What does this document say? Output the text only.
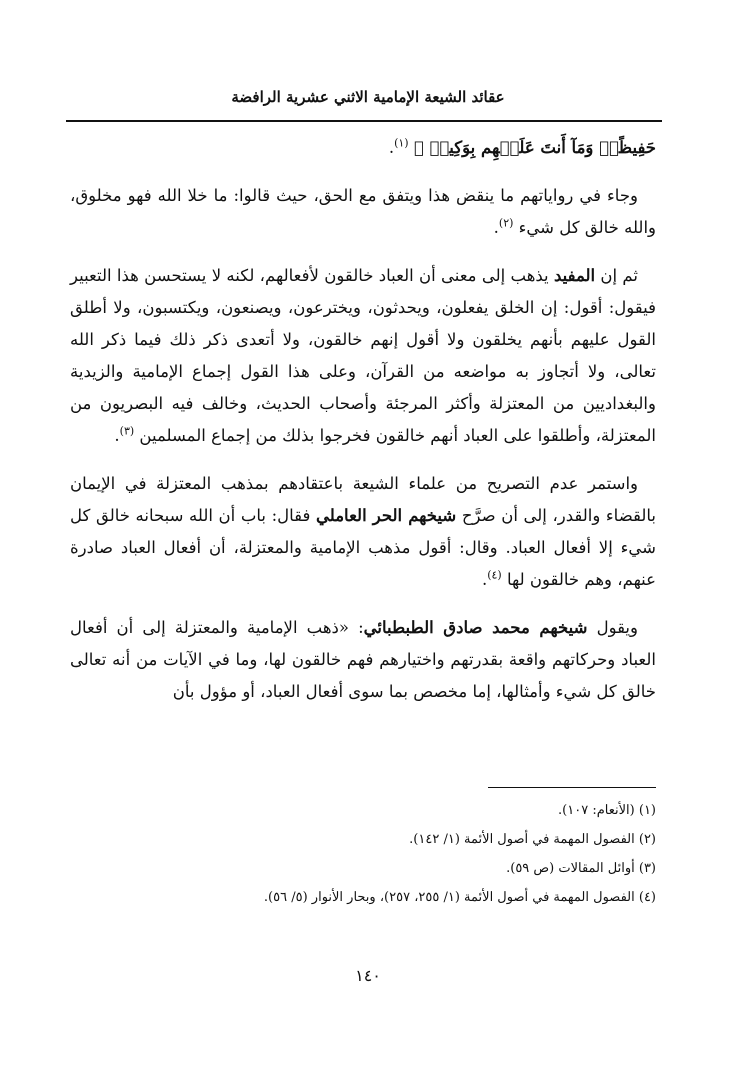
عقائد الشيعة الإمامية الاثني عشرية الرافضة

حَفِيظًاۖ وَمَآ أَنتَ عَلَيۡهِم بِوَكِيلٖ ﴾ $^{(١)}$.

وجاء في رواياتهم ما ينقض هذا ويتفق مع الحق، حيث قالوا: ما خلا الله فهو مخلوق، والله خالق كل شيء $^{(٢)}$.

ثم إن المفيد يذهب إلى معنى أن العباد خالقون لأفعالهم، لكنه لا يستحسن هذا التعبير فيقول: أقول: إن الخلق يفعلون، ويحدثون، ويخترعون، ويصنعون، ويكتسبون، ولا أطلق القول عليهم بأنهم يخلقون ولا أقول إنهم خالقون، ولا أتعدى ذكر ذلك فيما ذكر الله تعالى، ولا أتجاوز به مواضعه من القرآن، وعلى هذا القول إجماع الإمامية والزيدية والبغداديين من المعتزلة وأكثر المرجئة وأصحاب الحديث، وخالف فيه البصريون من المعتزلة، وأطلقوا على العباد أنهم خالقون فخرجوا بذلك من إجماع المسلمين $^{(٣)}$.

واستمر عدم التصريح من علماء الشيعة باعتقادهم بمذهب المعتزلة في الإيمان بالقضاء والقدر، إلى أن صرَّح شيخهم الحر العاملي فقال: باب أن الله سبحانه خالق كل شيء إلا أفعال العباد. وقال: أقول مذهب الإمامية والمعتزلة، أن أفعال العباد صادرة عنهم، وهم خالقون لها $^{(٤)}$.

ويقول شيخهم محمد صادق الطبطبائي: «ذهب الإمامية والمعتزلة إلى أن أفعال العباد وحركاتهم واقعة بقدرتهم واختيارهم فهم خالقون لها، وما في الآيات من أنه تعالى خالق كل شيء وأمثالها، إما مخصص بما سوى أفعال العباد، أو مؤول بأن

(١) (الأنعام: ١٠٧).

(٢) الفصول المهمة في أصول الأئمة (١/ ١٤٢).

(٣) أوائل المقالات (ص ٥٩).

(٤) الفصول المهمة في أصول الأئمة (١/ ٢٥٥، ٢٥٧)، وبحار الأنوار (٥/ ٥٦).

١٤٠
